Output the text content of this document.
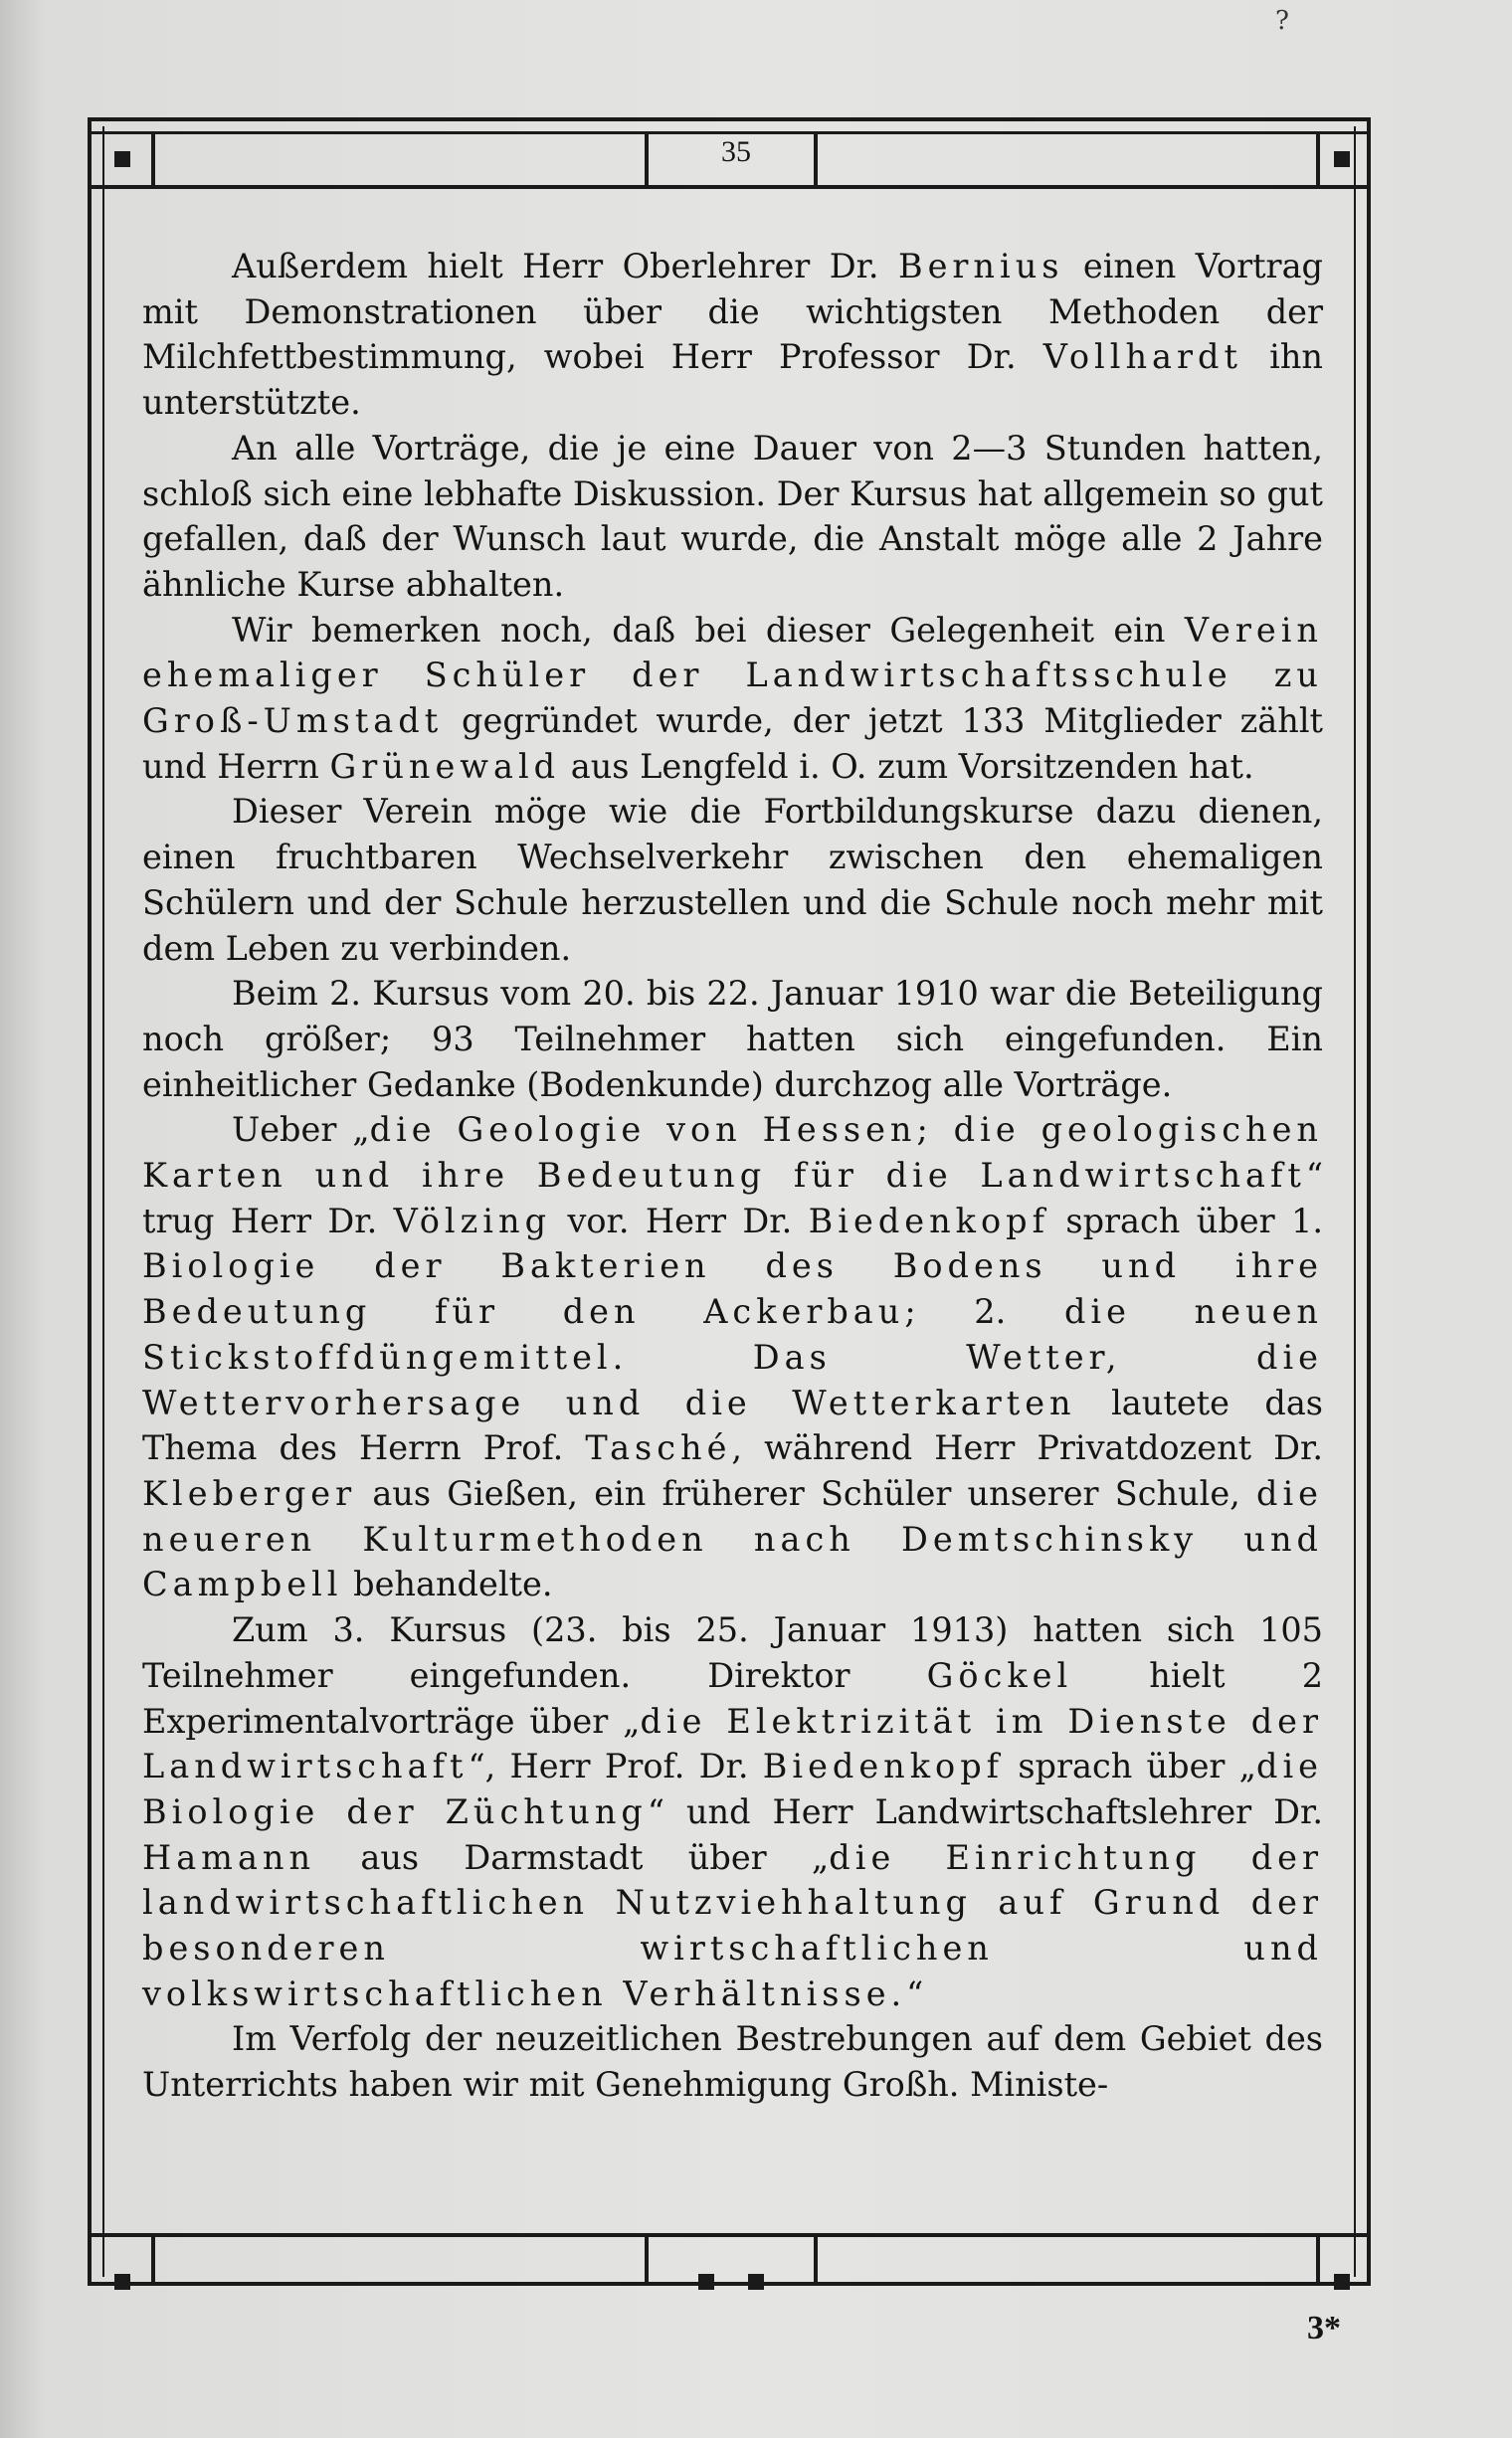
?
35
3*

Außerdem hielt Herr Oberlehrer Dr. Bernius einen Vortrag mit Demonstrationen über die wichtigsten Methoden der Milchfettbestimmung, wobei Herr Professor Dr. Vollhardt ihn unterstützte.

An alle Vorträge, die je eine Dauer von 2—3 Stunden hatten, schloß sich eine lebhafte Diskussion. Der Kursus hat allgemein so gut gefallen, daß der Wunsch laut wurde, die Anstalt möge alle 2 Jahre ähnliche Kurse abhalten.

Wir bemerken noch, daß bei dieser Gelegenheit ein Verein ehemaliger Schüler der Landwirtschaftsschule zu Groß-Umstadt gegründet wurde, der jetzt 133 Mitglieder zählt und Herrn Grünewald aus Lengfeld i. O. zum Vorsitzenden hat.

Dieser Verein möge wie die Fortbildungskurse dazu dienen, einen fruchtbaren Wechselverkehr zwischen den ehemaligen Schülern und der Schule herzustellen und die Schule noch mehr mit dem Leben zu verbinden.

Beim 2. Kursus vom 20. bis 22. Januar 1910 war die Beteiligung noch größer; 93 Teilnehmer hatten sich eingefunden. Ein einheitlicher Gedanke (Bodenkunde) durchzog alle Vorträge.

Ueber „die Geologie von Hessen; die geologischen Karten und ihre Bedeutung für die Landwirtschaft“ trug Herr Dr. Völzing vor. Herr Dr. Biedenkopf sprach über 1. Biologie der Bakterien des Bodens und ihre Bedeutung für den Ackerbau; 2. die neuen Stickstoffdüngemittel. Das Wetter, die Wettervorhersage und die Wetterkarten lautete das Thema des Herrn Prof. Tasché, während Herr Privatdozent Dr. Kleberger aus Gießen, ein früherer Schüler unserer Schule, die neueren Kulturmethoden nach Demtschinsky und Campbell behandelte.

Zum 3. Kursus (23. bis 25. Januar 1913) hatten sich 105 Teilnehmer eingefunden. Direktor Göckel hielt 2 Experimentalvorträge über „die Elektrizität im Dienste der Landwirtschaft“, Herr Prof. Dr. Biedenkopf sprach über „die Biologie der Züchtung“ und Herr Landwirtschaftslehrer Dr. Hamann aus Darmstadt über „die Einrichtung der landwirtschaftlichen Nutzviehhaltung auf Grund der besonderen wirtschaftlichen und volkswirtschaftlichen Verhältnisse.“

Im Verfolg der neuzeitlichen Bestrebungen auf dem Gebiet des Unterrichts haben wir mit Genehmigung Großh. Ministe-
